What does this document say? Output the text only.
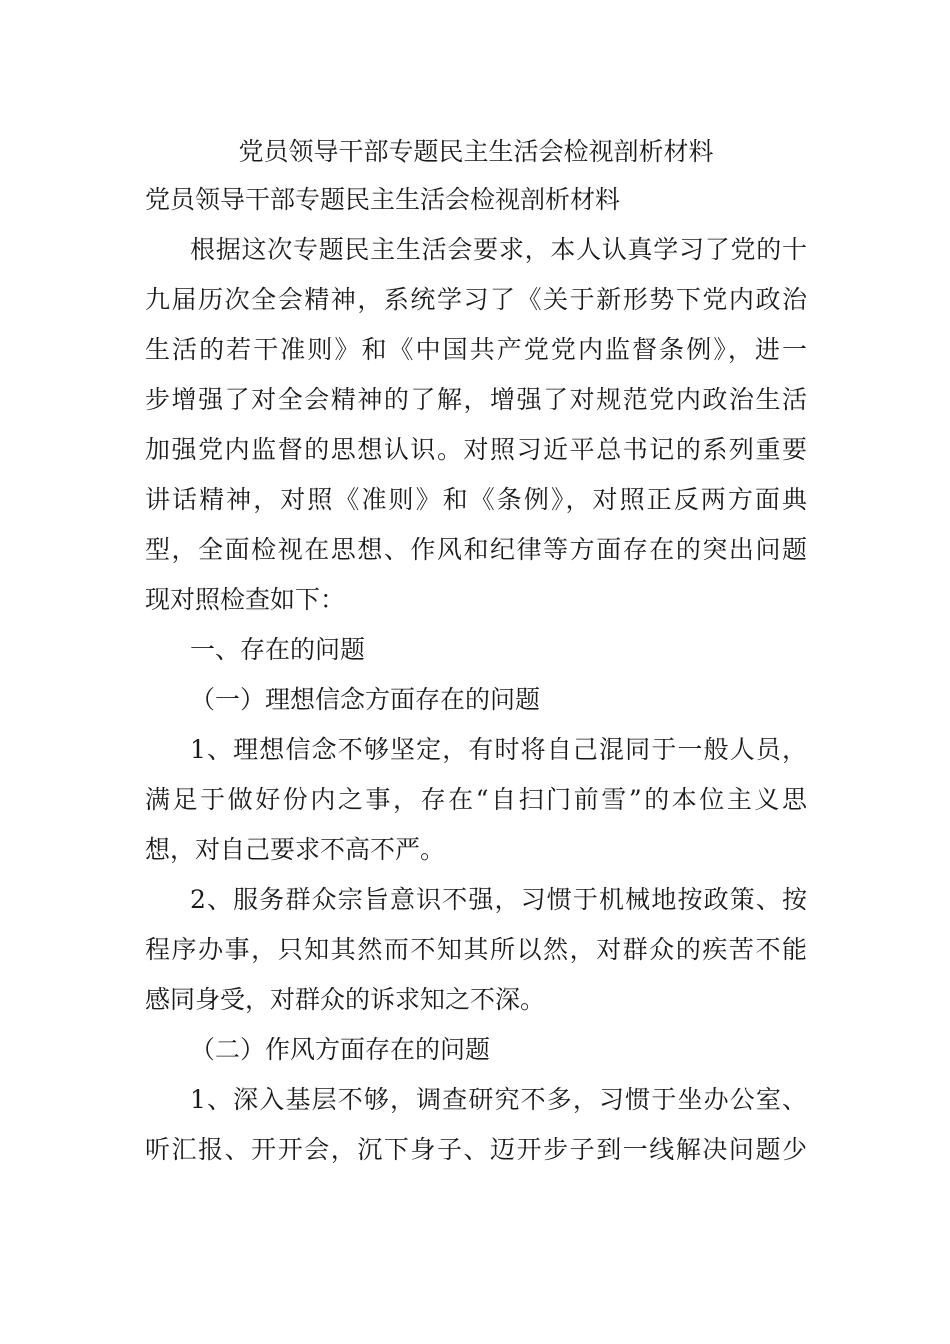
党员领导干部专题民主生活会检视剖析材料
党员领导干部专题民主生活会检视剖析材料
根据这次专题民主生活会要求，本人认真学习了党的十
九届历次全会精神，系统学习了《关于新形势下党内政治
生活的若干准则》和《中国共产党党内监督条例》，进一
步增强了对全会精神的了解，增强了对规范党内政治生活
加强党内监督的思想认识。对照习近平总书记的系列重要
讲话精神，对照《准则》和《条例》，对照正反两方面典
型，全面检视在思想、作风和纪律等方面存在的突出问题
现对照检查如下：
一、存在的问题
（一）理想信念方面存在的问题
1、理想信念不够坚定，有时将自己混同于一般人员，
满足于做好份内之事，存在“自扫门前雪”的本位主义思
想，对自己要求不高不严。
2、服务群众宗旨意识不强，习惯于机械地按政策、按
程序办事，只知其然而不知其所以然，对群众的疾苦不能
感同身受，对群众的诉求知之不深。
（二）作风方面存在的问题
1、深入基层不够，调查研究不多，习惯于坐办公室、
听汇报、开开会，沉下身子、迈开步子到一线解决问题少
